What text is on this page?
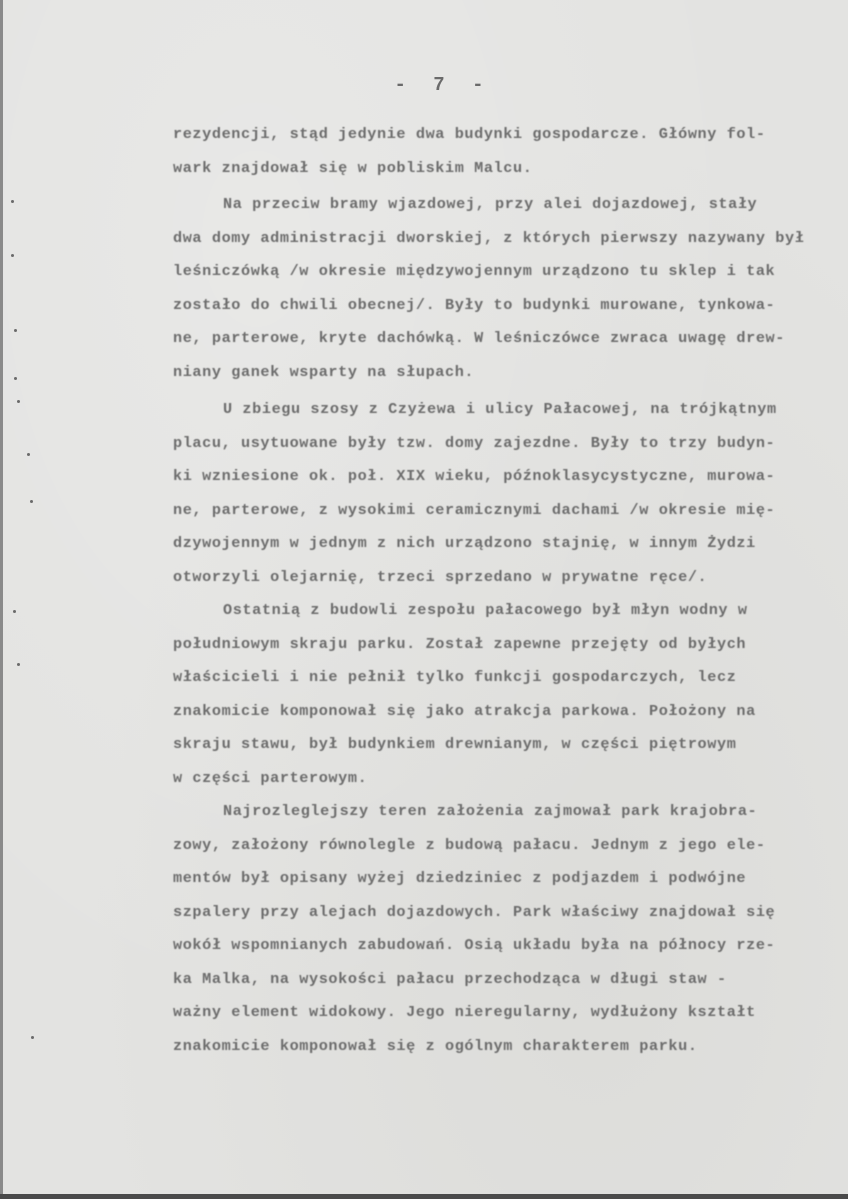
- 7 -
rezydencji, stąd jedynie dwa budynki gospodarcze. Główny fol-
wark znajdował się w pobliskim Malcu.
Na przeciw bramy wjazdowej, przy alei dojazdowej, stały
dwa domy administracji dworskiej, z których pierwszy nazywany był
leśniczówką /w okresie międzywojennym urządzono tu sklep i tak
zostało do chwili obecnej/. Były to budynki murowane, tynkowa-
ne, parterowe, kryte dachówką. W leśniczówce zwraca uwagę drew-
niany ganek wsparty na słupach.
U zbiegu szosy z Czyżewa i ulicy Pałacowej, na trójkątnym
placu, usytuowane były tzw. domy zajezdne. Były to trzy budyn-
ki wzniesione ok. poł. XIX wieku, późnoklasycystyczne, murowa-
ne, parterowe, z wysokimi ceramicznymi dachami /w okresie mię-
dzywojennym w jednym z nich urządzono stajnię, w innym Żydzi
otworzyli olejarnię, trzeci sprzedano w prywatne ręce/.
Ostatnią z budowli zespołu pałacowego był młyn wodny w
południowym skraju parku. Został zapewne przejęty od byłych
właścicieli i nie pełnił tylko funkcji gospodarczych, lecz
znakomicie komponował się jako atrakcja parkowa. Położony na
skraju stawu, był budynkiem drewnianym, w części piętrowym
w części parterowym.
Najrozleglejszy teren założenia zajmował park krajobra-
zowy, założony równolegle z budową pałacu. Jednym z jego ele-
mentów był opisany wyżej dziedziniec z podjazdem i podwójne
szpalery przy alejach dojazdowych. Park właściwy znajdował się
wokół wspomnianych zabudowań. Osią układu była na północy rze-
ka Malka, na wysokości pałacu przechodząca w długi staw -
ważny element widokowy. Jego nieregularny, wydłużony kształt
znakomicie komponował się z ogólnym charakterem parku.
